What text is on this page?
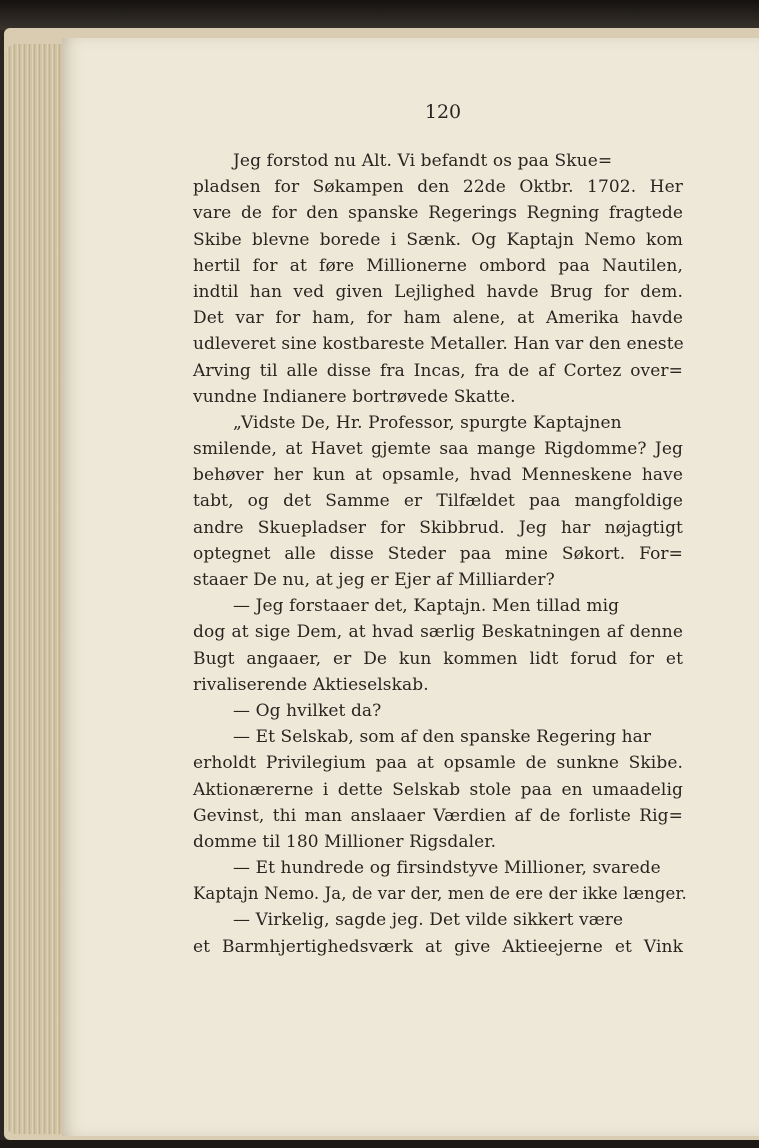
120
Jeg forstod nu Alt. Vi befandt os paa Skue=
pladsen for Søkampen den 22de Oktbr. 1702. Her
vare de for den spanske Regerings Regning fragtede
Skibe blevne borede i Sænk. Og Kaptajn Nemo kom
hertil for at føre Millionerne ombord paa Nautilen,
indtil han ved given Lejlighed havde Brug for dem.
Det var for ham, for ham alene, at Amerika havde
udleveret sine kostbareste Metaller. Han var den eneste
Arving til alle disse fra Incas, fra de af Cortez over=
vundne Indianere bortrøvede Skatte.
„Vidste De, Hr. Professor, spurgte Kaptajnen
smilende, at Havet gjemte saa mange Rigdomme? Jeg
behøver her kun at opsamle, hvad Menneskene have
tabt, og det Samme er Tilfældet paa mangfoldige
andre Skuepladser for Skibbrud. Jeg har nøjagtigt
optegnet alle disse Steder paa mine Søkort. For=
staaer De nu, at jeg er Ejer af Milliarder?
— Jeg forstaaer det, Kaptajn. Men tillad mig
dog at sige Dem, at hvad særlig Beskatningen af denne
Bugt angaaer, er De kun kommen lidt forud for et
rivaliserende Aktieselskab.
— Og hvilket da?
— Et Selskab, som af den spanske Regering har
erholdt Privilegium paa at opsamle de sunkne Skibe.
Aktionærerne i dette Selskab stole paa en umaadelig
Gevinst, thi man anslaaer Værdien af de forliste Rig=
domme til 180 Millioner Rigsdaler.
— Et hundrede og firsindstyve Millioner, svarede
Kaptajn Nemo. Ja, de var der, men de ere der ikke længer.
— Virkelig, sagde jeg. Det vilde sikkert være
et Barmhjertighedsværk at give Aktieejerne et Vink
